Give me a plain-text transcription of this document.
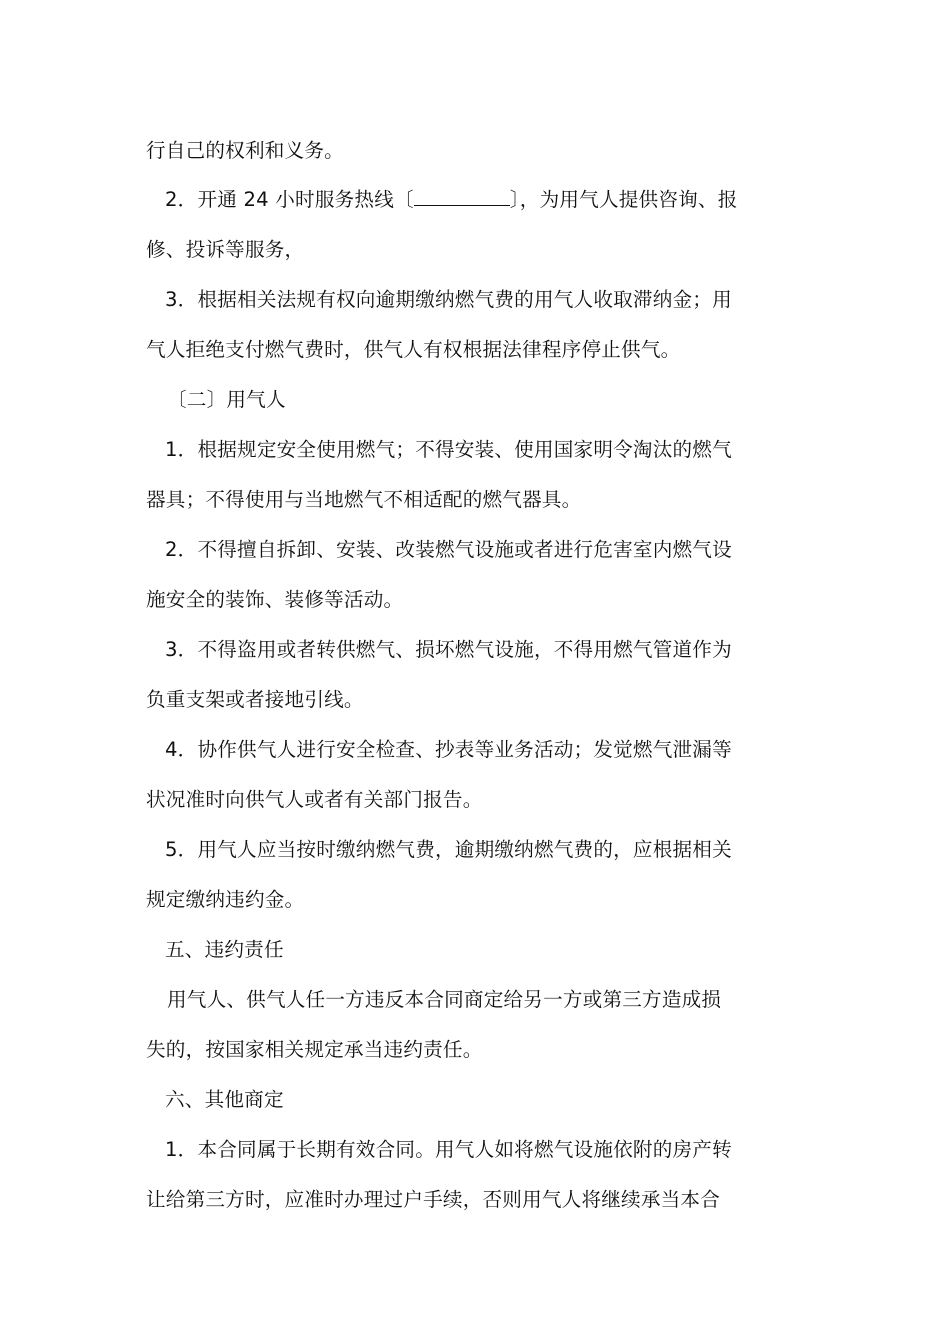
行自己的权利和义务。
2．开通 24 小时服务热线〔	〕，为用气人提供咨询、报
修、投诉等服务，
3．根据相关法规有权向逾期缴纳燃气费的用气人收取滞纳金；用
气人拒绝支付燃气费时，供气人有权根据法律程序停止供气。
〔二〕用气人
1．根据规定安全使用燃气；不得安装、使用国家明令淘汰的燃气
器具；不得使用与当地燃气不相适配的燃气器具。
2．不得擅自拆卸、安装、改装燃气设施或者进行危害室内燃气设
施安全的装饰、装修等活动。
3．不得盗用或者转供燃气、损坏燃气设施，不得用燃气管道作为
负重支架或者接地引线。
4．协作供气人进行安全检查、抄表等业务活动；发觉燃气泄漏等
状况准时向供气人或者有关部门报告。
5．用气人应当按时缴纳燃气费，逾期缴纳燃气费的，应根据相关
规定缴纳违约金。
五、违约责任
用气人、供气人任一方违反本合同商定给另一方或第三方造成损
失的，按国家相关规定承当违约责任。
六、其他商定
1．本合同属于长期有效合同。用气人如将燃气设施依附的房产转
让给第三方时，应准时办理过户手续，否则用气人将继续承当本合
